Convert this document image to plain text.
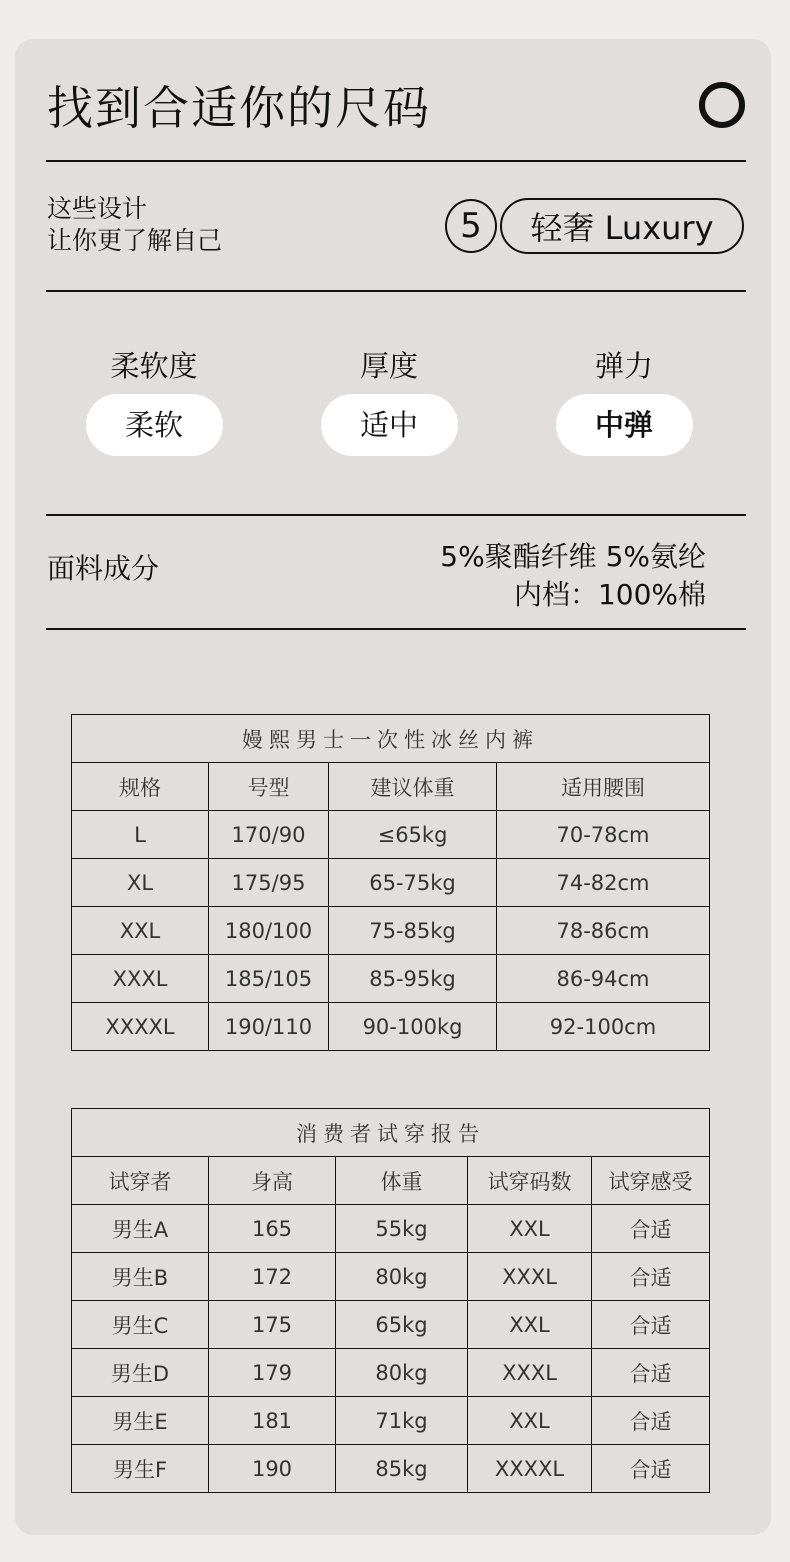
找到合适你的尺码
这些设计
让你更了解自己	5	轻奢 Luxury
柔软度
柔软
厚度
适中
弹力
中弹
面料成分	5%聚酯纤维 5%氨纶
内档：100%棉
嫚熙男士一次性冰丝内裤			
规格	号型	建议体重	适用腰围
L	170/90	≤65kg	70-78cm
XL	175/95	65-75kg	74-82cm
XXL	180/100	75-85kg	78-86cm
XXXL	185/105	85-95kg	86-94cm
XXXXL	190/110	90-100kg	92-100cm
消费者试穿报告				
试穿者	身高	体重	试穿码数	试穿感受
男生A	165	55kg	XXL	合适
男生B	172	80kg	XXXL	合适
男生C	175	65kg	XXL	合适
男生D	179	80kg	XXXL	合适
男生E	181	71kg	XXL	合适
男生F	190	85kg	XXXXL	合适
